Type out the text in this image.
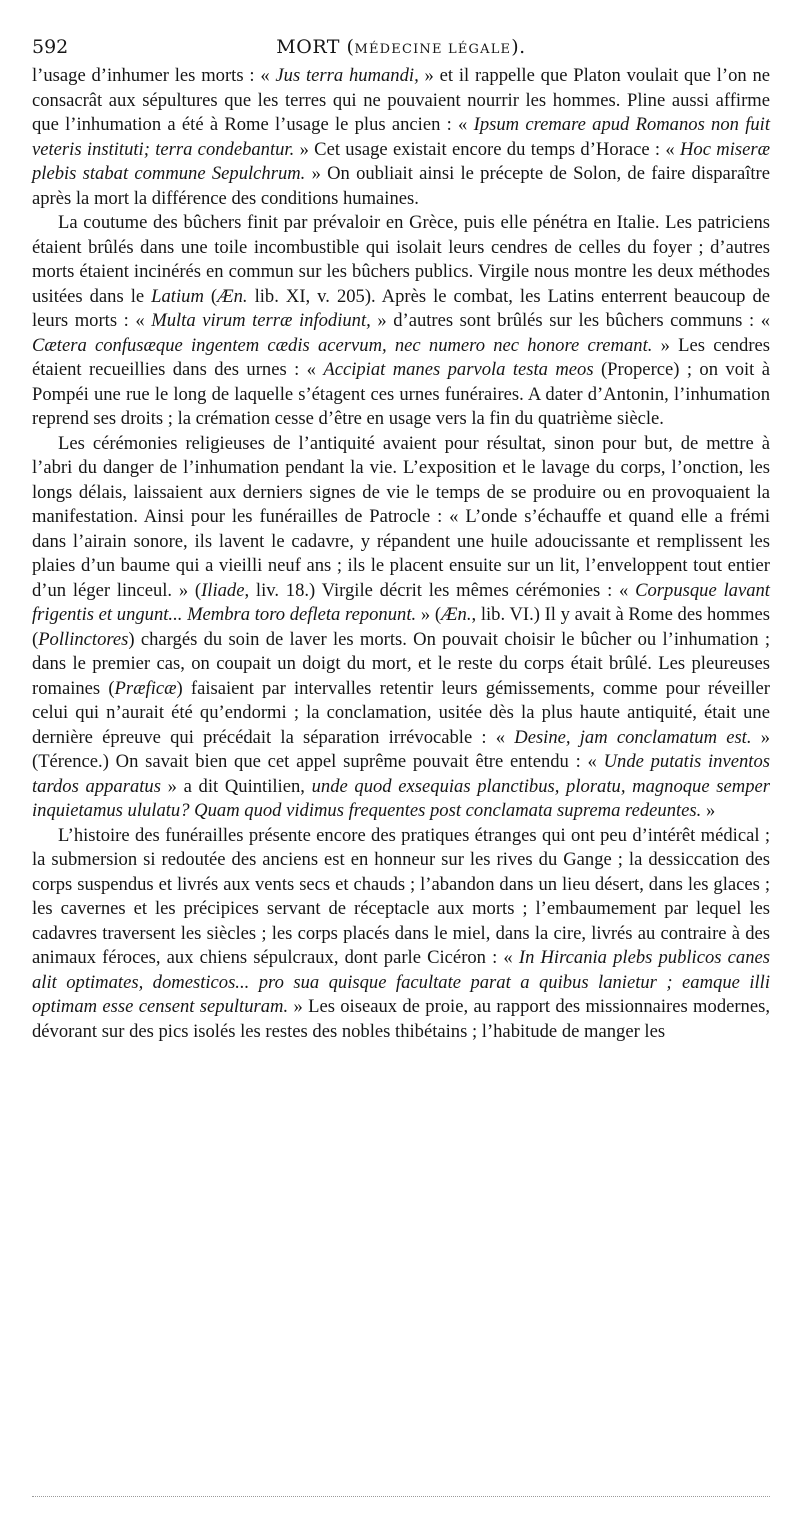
592	MORT (MÉDECINE LÉGALE).

l’usage d’inhumer les morts : « Jus terra humandi, » et il rappelle que Platon voulait que l’on ne consacrât aux sépultures que les terres qui ne pouvaient nourrir les hommes. Pline aussi affirme que l’inhumation a été à Rome l’usage le plus ancien : « Ipsum cremare apud Romanos non fuit veteris instituti; terra condebantur. » Cet usage existait encore du temps d’Horace : « Hoc miseræ plebis stabat commune Sepulchrum. » On oubliait ainsi le précepte de Solon, de faire disparaître après la mort la différence des conditions humaines.

La coutume des bûchers finit par prévaloir en Grèce, puis elle pénétra en Italie. Les patriciens étaient brûlés dans une toile incombustible qui isolait leurs cendres de celles du foyer ; d’autres morts étaient incinérés en commun sur les bûchers publics. Virgile nous montre les deux méthodes usitées dans le Latium (Æn. lib. XI, v. 205). Après le combat, les Latins enterrent beaucoup de leurs morts : « Multa virum terræ infodiunt, » d’autres sont brûlés sur les bûchers communs : « Cætera confusæque ingentem cædis acervum, nec numero nec honore cremant. » Les cendres étaient recueillies dans des urnes : « Accipiat manes parvola testa meos (Properce) ; on voit à Pompéi une rue le long de laquelle s’étagent ces urnes funéraires. A dater d’Antonin, l’inhumation reprend ses droits ; la crémation cesse d’être en usage vers la fin du quatrième siècle.

Les cérémonies religieuses de l’antiquité avaient pour résultat, sinon pour but, de mettre à l’abri du danger de l’inhumation pendant la vie. L’exposition et le lavage du corps, l’onction, les longs délais, laissaient aux derniers signes de vie le temps de se produire ou en provoquaient la manifestation. Ainsi pour les funérailles de Patrocle : « L’onde s’échauffe et quand elle a frémi dans l’airain sonore, ils lavent le cadavre, y répandent une huile adoucissante et remplissent les plaies d’un baume qui a vieilli neuf ans ; ils le placent ensuite sur un lit, l’enveloppent tout entier d’un léger linceul. » (Iliade, liv. 18.) Virgile décrit les mêmes cérémonies : « Corpusque lavant frigentis et ungunt... Membra toro defleta reponunt. » (Æn., lib. VI.) Il y avait à Rome des hommes (Pollinctores) chargés du soin de laver les morts. On pouvait choisir le bûcher ou l’inhumation ; dans le premier cas, on coupait un doigt du mort, et le reste du corps était brûlé. Les pleureuses romaines (Præficæ) faisaient par intervalles retentir leurs gémissements, comme pour réveiller celui qui n’aurait été qu’endormi ; la conclamation, usitée dès la plus haute antiquité, était une dernière épreuve qui précédait la séparation irrévocable : « Desine, jam conclamatum est. » (Térence.) On savait bien que cet appel suprême pouvait être entendu : « Unde putatis inventos tardos apparatus » a dit Quintilien, unde quod exsequias planctibus, ploratu, magnoque semper inquietamus ululatu? Quam quod vidimus frequentes post conclamata suprema redeuntes. »

L’histoire des funérailles présente encore des pratiques étranges qui ont peu d’intérêt médical ; la submersion si redoutée des anciens est en honneur sur les rives du Gange ; la dessiccation des corps suspendus et livrés aux vents secs et chauds ; l’abandon dans un lieu désert, dans les glaces ; les cavernes et les précipices servant de réceptacle aux morts ; l’embaumement par lequel les cadavres traversent les siècles ; les corps placés dans le miel, dans la cire, livrés au contraire à des animaux féroces, aux chiens sépulcraux, dont parle Cicéron : « In Hircania plebs publicos canes alit optimates, domesticos... pro sua quisque facultate parat a quibus lanietur ; eamque illi optimam esse censent sepulturam. » Les oiseaux de proie, au rapport des missionnaires modernes, dévorant sur des pics isolés les restes des nobles thibétains ; l’habitude de manger les
